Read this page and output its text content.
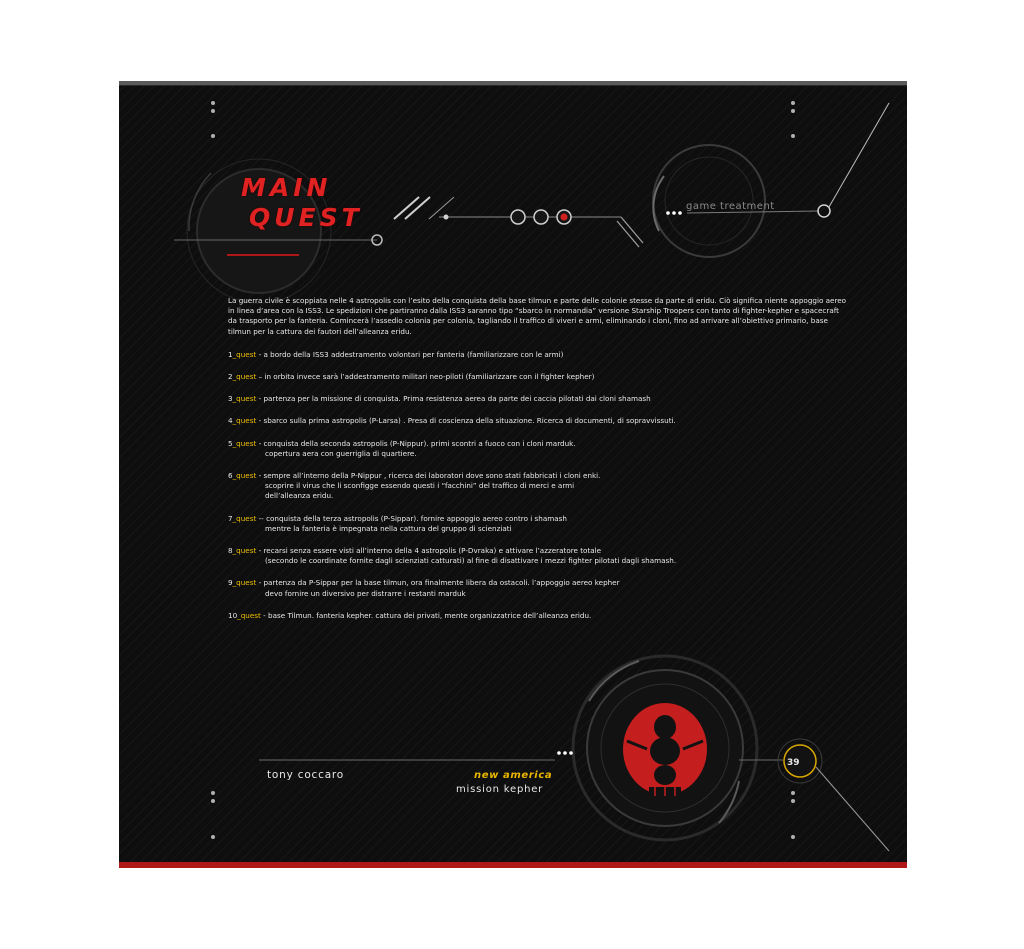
MAIN
QUEST	game treatment

La guerra civile è scoppiata nelle 4 astropolis con l’esito della conquista della base tilmun e parte delle colonie stesse da parte di eridu. Ciò significa niente appoggio aereo in linea d’area con la ISS3. Le spedizioni che partiranno dalla ISS3 saranno tipo “sbarco in normandia” versione Starship Troopers con tanto di fighter-kepher e spacecraft da trasporto per la fanteria. Comincerà l’assedio colonia per colonia, tagliando il traffico di viveri e armi, eliminando i cloni, fino ad arrivare all’obiettivo primario, base tilmun per la cattura dei fautori dell’alleanza eridu.

1_quest - a bordo della ISS3 addestramento volontari per fanteria (familiarizzare con le armi)
2_quest – in orbita invece sarà l’addestramento militari neo-piloti (familiarizzare con il fighter kepher)
3_quest - partenza per la missione di conquista. Prima resistenza aerea da parte dei caccia pilotati dai cloni shamash
4_quest - sbarco sulla prima astropolis (P-Larsa) . Presa di coscienza della situazione. Ricerca di documenti, di sopravvissuti.
5_quest - conquista della seconda astropolis (P-Nippur). primi scontri a fuoco con i cloni marduk.
copertura aera con guerriglia di quartiere.
6_quest - sempre all’interno della P-Nippur , ricerca dei laboratori dove sono stati fabbricati i cloni enki.
scoprire il virus che li sconfigge essendo questi i “facchini” del traffico di merci e armi
dell’alleanza eridu.
7_quest -- conquista della terza astropolis (P-Sippar). fornire appoggio aereo contro i shamash
mentre la fanteria è impegnata nella cattura del gruppo di scienziati
8_quest - recarsi senza essere visti all’interno della 4 astropolis (P-Dvraka) e attivare l’azzeratore totale
(secondo le coordinate fornite dagli scienziati catturati) al fine di disattivare i mezzi fighter pilotati dagli shamash.
9_quest - partenza da P-Sippar per la base tilmun, ora finalmente libera da ostacoli. l’appoggio aereo kepher
devo fornire un diversivo per distrarre i restanti marduk
10_quest - base Tilmun. fanteria kepher. cattura dei privati, mente organizzatrice dell’alleanza eridu.
tony coccaro	new america
mission kepher
39
